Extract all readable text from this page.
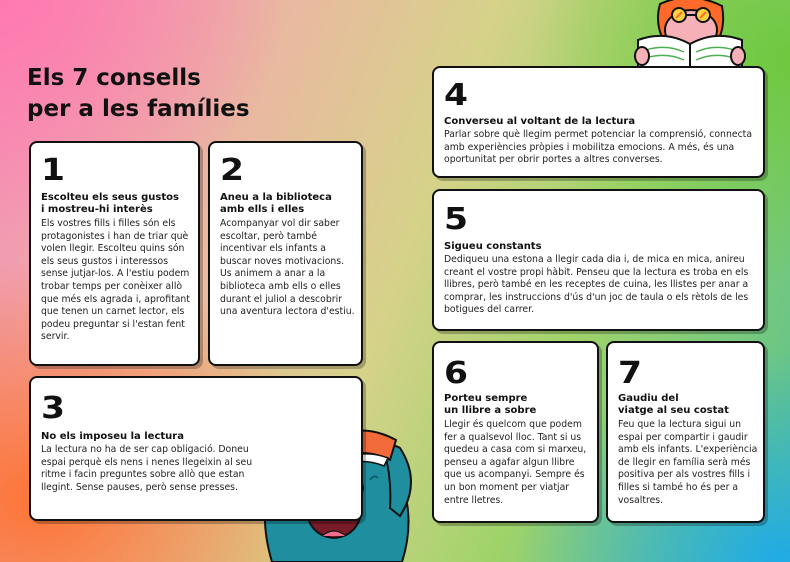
Els 7 consells
per a les famílies
1
Escolteu els seus gustos
i mostreu-hi interès

Els vostres fills i filles són els protagonistes i han de triar què volen llegir. Escolteu quins són els seus gustos i interessos sense jutjar-los. A l'estiu podem trobar temps per conèixer allò que més els agrada i, aprofitant que tenen un carnet lector, els podeu preguntar si l'estan fent servir.

2
Aneu a la biblioteca
amb ells i elles

Acompanyar vol dir saber escoltar, però també incentivar els infants a buscar noves motivacions. Us animem a anar a la biblioteca amb ells o elles durant el juliol a descobrir una aventura lectora d'estiu.

3
No els imposeu la lectura

La lectura no ha de ser cap obligació. Doneu espai perquè els nens i nenes llegeixin al seu ritme i facin preguntes sobre allò que estan llegint. Sense pauses, però sense presses.

4
Converseu al voltant de la lectura

Parlar sobre què llegim permet potenciar la comprensió, connecta amb experiències pròpies i mobilitza emocions. A més, és una oportunitat per obrir portes a altres converses.

5
Sigueu constants

Dediqueu una estona a llegir cada dia i, de mica en mica, anireu creant el vostre propi hàbit. Penseu que la lectura es troba en els llibres, però també en les receptes de cuina, les llistes per anar a comprar, les instruccions d'ús d'un joc de taula o els rètols de les botigues del carrer.

6
Porteu sempre
un llibre a sobre

Llegir és quelcom que podem fer a qualsevol lloc. Tant si us quedeu a casa com si marxeu, penseu a agafar algun llibre que us acompanyi. Sempre és un bon moment per viatjar entre lletres.

7
Gaudiu del
viatge al seu costat

Feu que la lectura sigui un espai per compartir i gaudir amb els infants. L'experiència de llegir en família serà més positiva per als vostres fills i filles si també ho és per a vosaltres.
